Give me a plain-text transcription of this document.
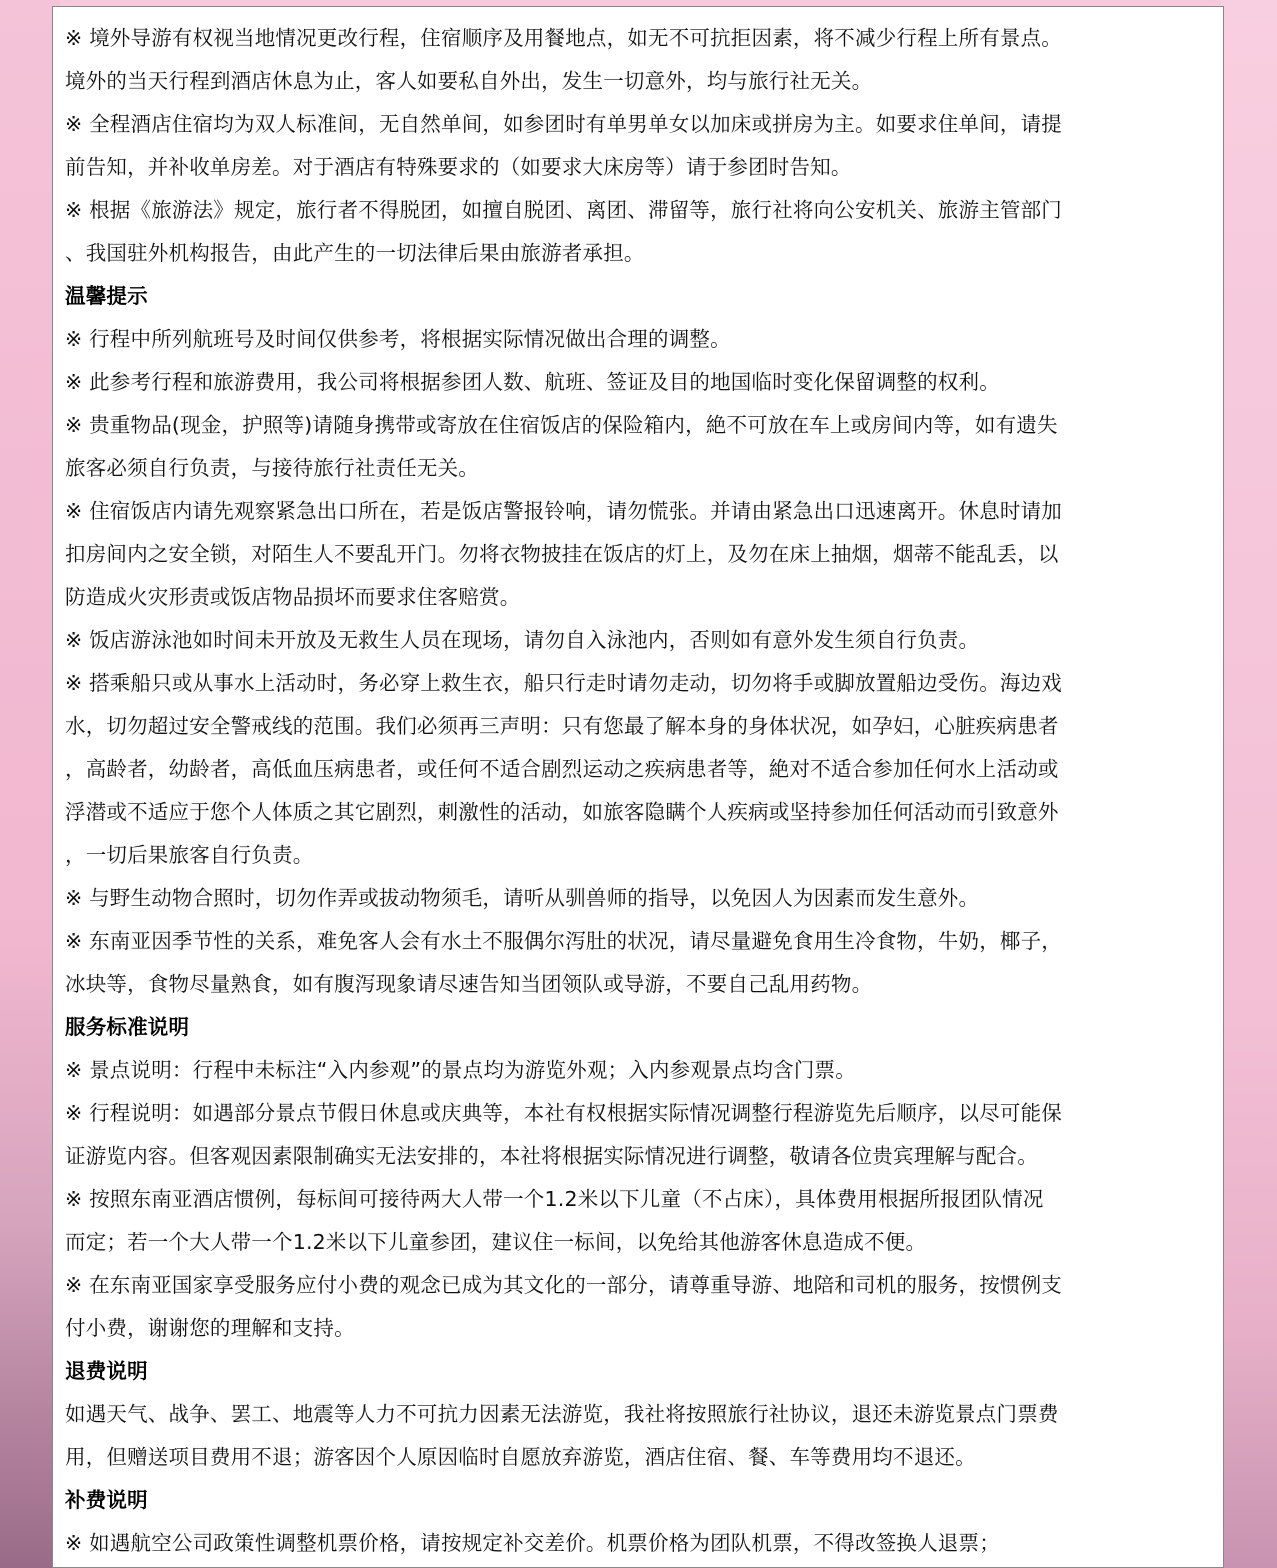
※ 境外导游有权视当地情况更改行程，住宿顺序及用餐地点，如无不可抗拒因素，将不减少行程上所有景点。
境外的当天行程到酒店休息为止，客人如要私自外出，发生一切意外，均与旅行社无关。
※ 全程酒店住宿均为双人标准间，无自然单间，如参团时有单男单女以加床或拼房为主。如要求住单间，请提
前告知，并补收单房差。对于酒店有特殊要求的（如要求大床房等）请于参团时告知。
※ 根据《旅游法》规定，旅行者不得脱团，如擅自脱团、离团、滞留等，旅行社将向公安机关、旅游主管部门
、我国驻外机构报告，由此产生的一切法律后果由旅游者承担。
温馨提示
※ 行程中所列航班号及时间仅供参考，将根据实际情况做出合理的调整。
※ 此参考行程和旅游费用，我公司将根据参团人数、航班、签证及目的地国临时变化保留调整的权利。
※ 贵重物品(现金，护照等)请随身携带或寄放在住宿饭店的保险箱内，絶不可放在车上或房间内等，如有遗失
旅客必须自行负责，与接待旅行社责任无关。
※ 住宿饭店内请先观察紧急出口所在，若是饭店警报铃响，请勿慌张。并请由紧急出口迅速离开。休息时请加
扣房间内之安全锁，对陌生人不要乱开门。勿将衣物披挂在饭店的灯上，及勿在床上抽烟，烟蒂不能乱丢，以
防造成火灾形责或饭店物品损坏而要求住客赔赏。
※ 饭店游泳池如时间未开放及无救生人员在现场，请勿自入泳池内，否则如有意外发生须自行负责。
※ 搭乘船只或从事水上活动时，务必穿上救生衣，船只行走时请勿走动，切勿将手或脚放置船边受伤。海边戏
水，切勿超过安全警戒线的范围。我们必须再三声明：只有您最了解本身的身体状况，如孕妇，心脏疾病患者
，高龄者，幼龄者，高低血压病患者，或任何不适合剧烈运动之疾病患者等，絶对不适合参加任何水上活动或
浮潜或不适应于您个人体质之其它剧烈，刺激性的活动，如旅客隐瞒个人疾病或坚持参加任何活动而引致意外
，一切后果旅客自行负责。
※ 与野生动物合照时，切勿作弄或拔动物须毛，请听从驯兽师的指导，以免因人为因素而发生意外。
※ 东南亚因季节性的关系，难免客人会有水土不服偶尔泻肚的状况，请尽量避免食用生冷食物，牛奶，椰子，
冰块等，食物尽量熟食，如有腹泻现象请尽速告知当团领队或导游，不要自己乱用药物。
服务标准说明
※ 景点说明：行程中未标注“入内参观”的景点均为游览外观；入内参观景点均含门票。
※ 行程说明：如遇部分景点节假日休息或庆典等，本社有权根据实际情况调整行程游览先后顺序，以尽可能保
证游览内容。但客观因素限制确实无法安排的，本社将根据实际情况进行调整，敬请各位贵宾理解与配合。
※ 按照东南亚酒店惯例，每标间可接待两大人带一个1.2米以下儿童（不占床），具体费用根据所报团队情况
而定；若一个大人带一个1.2米以下儿童参团，建议住一标间，以免给其他游客休息造成不便。
※ 在东南亚国家享受服务应付小费的观念已成为其文化的一部分，请尊重导游、地陪和司机的服务，按惯例支
付小费，谢谢您的理解和支持。
退费说明
如遇天气、战争、罢工、地震等人力不可抗力因素无法游览，我社将按照旅行社协议，退还未游览景点门票费
用，但赠送项目费用不退；游客因个人原因临时自愿放弃游览，酒店住宿、餐、车等费用均不退还。
补费说明
※ 如遇航空公司政策性调整机票价格，请按规定补交差价。机票价格为团队机票，不得改签换人退票；
